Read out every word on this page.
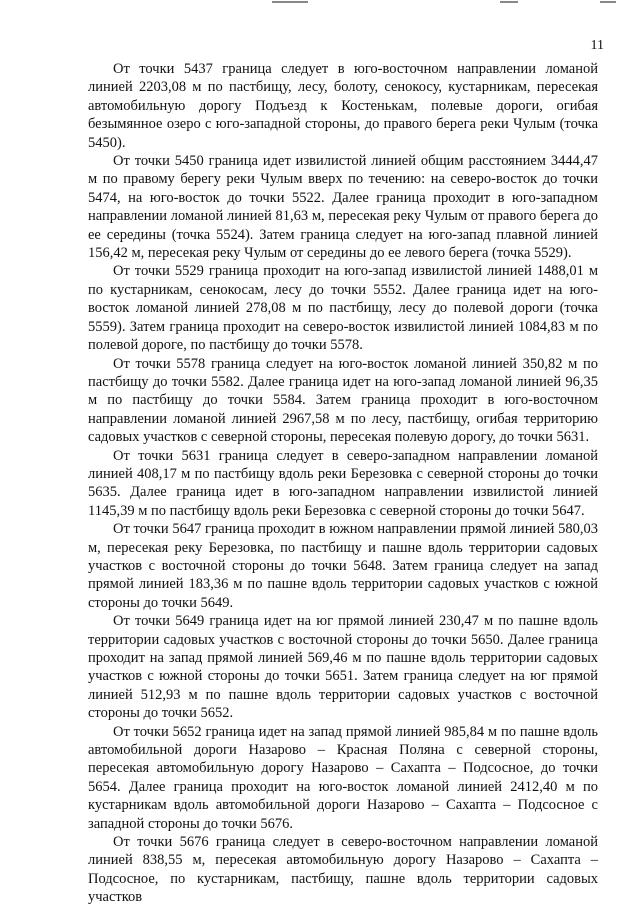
11

От точки 5437 граница следует в юго-восточном направлении ломаной линией 2203,08 м по пастбищу, лесу, болоту, сенокосу, кустарникам, пересекая автомобильную дорогу Подъезд к Костенькам, полевые дороги, огибая безымянное озеро с юго-западной стороны, до правого берега реки Чулым (точка 5450).

От точки 5450 граница идет извилистой линией общим расстоянием 3444,47 м по правому берегу реки Чулым вверх по течению: на северо-восток до точки 5474, на юго-восток до точки 5522. Далее граница проходит в юго-западном направлении ломаной линией 81,63 м, пересекая реку Чулым от правого берега до ее середины (точка 5524). Затем граница следует на юго-запад плавной линией 156,42 м, пересекая реку Чулым от середины до ее левого берега (точка 5529).

От точки 5529 граница проходит на юго-запад извилистой линией 1488,01 м по кустарникам, сенокосам, лесу до точки 5552. Далее граница идет на юго-восток ломаной линией 278,08 м по пастбищу, лесу до полевой дороги (точка 5559). Затем граница проходит на северо-восток извилистой линией 1084,83 м по полевой дороге, по пастбищу до точки 5578.

От точки 5578 граница следует на юго-восток ломаной линией 350,82 м по пастбищу до точки 5582. Далее граница идет на юго-запад ломаной линией 96,35 м по пастбищу до точки 5584. Затем граница проходит в юго-восточном направлении ломаной линией 2967,58 м по лесу, пастбищу, огибая территорию садовых участков с северной стороны, пересекая полевую дорогу, до точки 5631.

От точки 5631 граница следует в северо-западном направлении ломаной линией 408,17 м по пастбищу вдоль реки Березовка с северной стороны до точки 5635. Далее граница идет в юго-западном направлении извилистой линией 1145,39 м по пастбищу вдоль реки Березовка с северной стороны до точки 5647.

От точки 5647 граница проходит в южном направлении прямой линией 580,03 м, пересекая реку Березовка, по пастбищу и пашне вдоль территории садовых участков с восточной стороны до точки 5648. Затем граница следует на запад прямой линией 183,36 м по пашне вдоль территории садовых участков с южной стороны до точки 5649.

От точки 5649 граница идет на юг прямой линией 230,47 м по пашне вдоль территории садовых участков с восточной стороны до точки 5650. Далее граница проходит на запад прямой линией 569,46 м по пашне вдоль территории садовых участков с южной стороны до точки 5651. Затем граница следует на юг прямой линией 512,93 м по пашне вдоль территории садовых участков с восточной стороны до точки 5652.

От точки 5652 граница идет на запад прямой линией 985,84 м по пашне вдоль автомобильной дороги Назарово – Красная Поляна с северной стороны, пересекая автомобильную дорогу Назарово – Сахапта – Подсосное, до точки 5654. Далее граница проходит на юго-восток ломаной линией 2412,40 м по кустарникам вдоль автомобильной дороги Назарово – Сахапта – Подсосное с западной стороны до точки 5676.

От точки 5676 граница следует в северо-восточном направлении ломаной линией 838,55 м, пересекая автомобильную дорогу Назарово – Сахапта – Подсосное, по кустарникам, пастбищу, пашне вдоль территории садовых участков
